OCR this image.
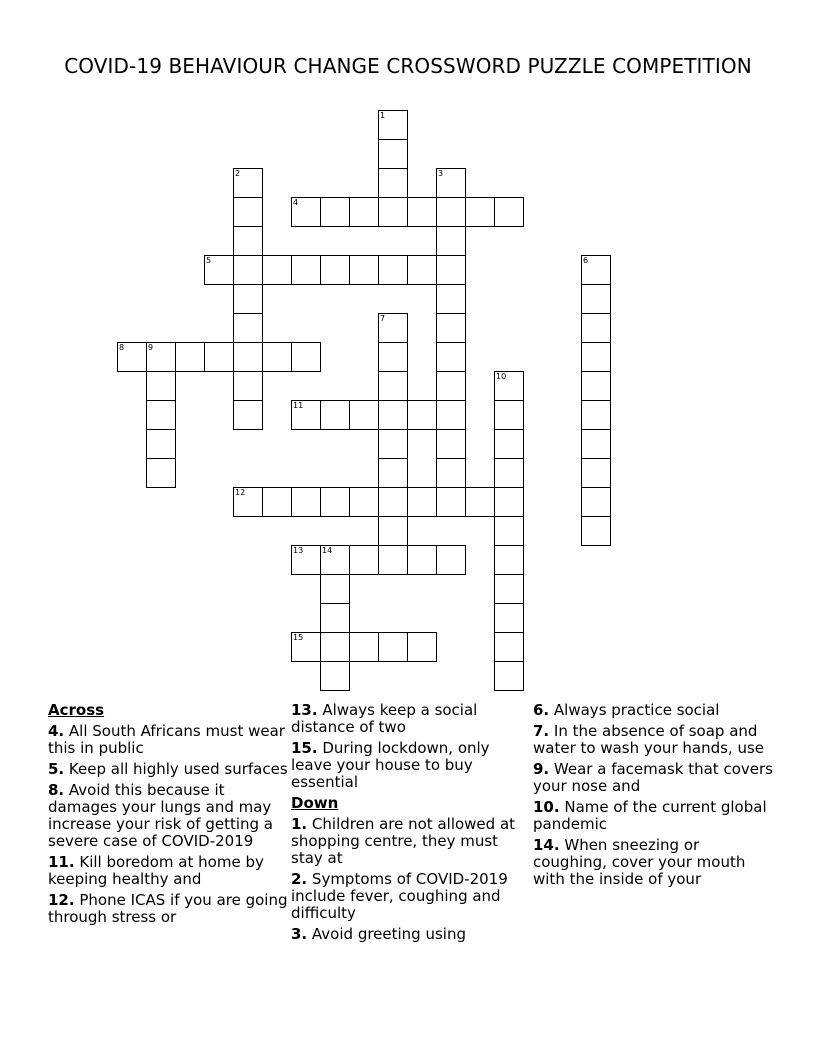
COVID-19 BEHAVIOUR CHANGE CROSSWORD PUZZLE COMPETITION
1
2	3
4
5	6
7
8	9
10
11
12
13 14
15
Across
4. All South Africans must wear this in public
5. Keep all highly used surfaces
8. Avoid this because it damages your lungs and may increase your risk of getting a severe case of COVID-2019
11. Kill boredom at home by keeping healthy and
12. Phone ICAS if you are going through stress or
13. Always keep a social distance of two
15. During lockdown, only leave your house to buy essential
Down
1. Children are not allowed at shopping centre, they must stay at
2. Symptoms of COVID-2019 include fever, coughing and difficulty
3. Avoid greeting using
6. Always practice social
7. In the absence of soap and water to wash your hands, use
9. Wear a facemask that covers your nose and
10. Name of the current global pandemic
14. When sneezing or coughing, cover your mouth with the inside of your
